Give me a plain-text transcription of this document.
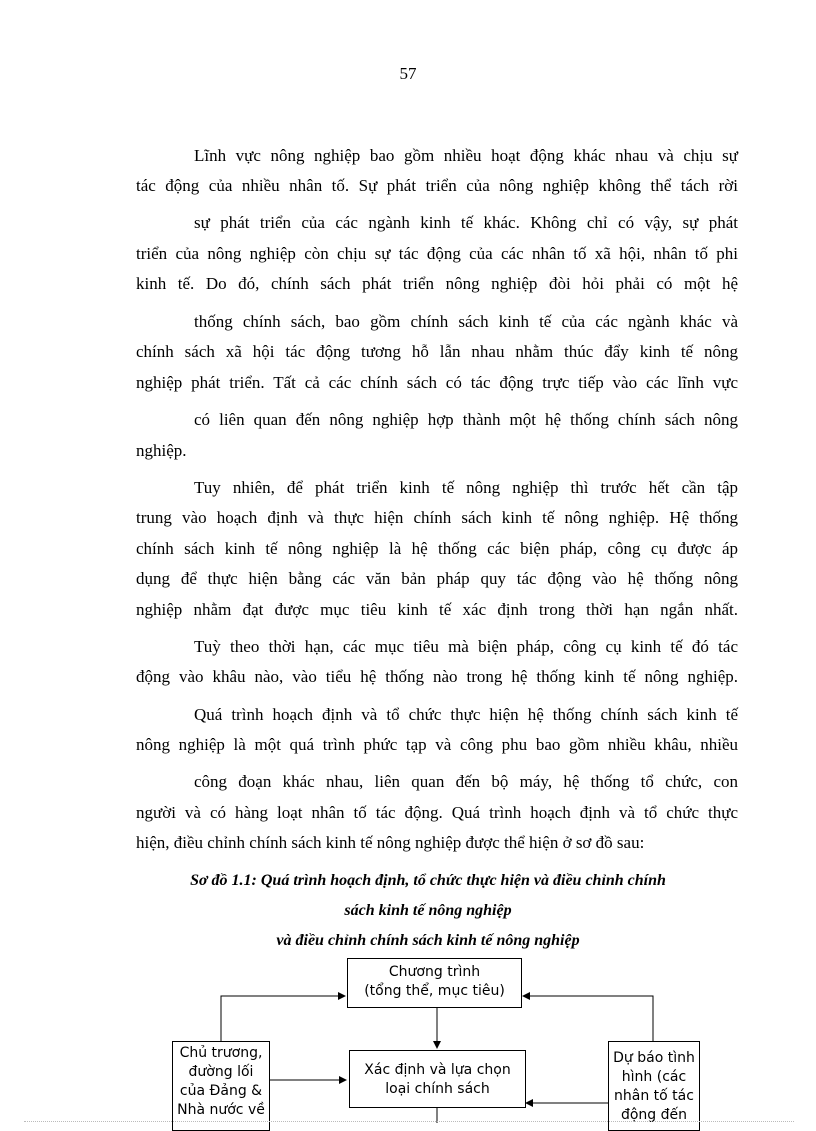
57
Lĩnh vực nông nghiệp bao gồm nhiều hoạt động khác nhau và chịu sự
tác động của nhiều nhân tố. Sự phát triển của nông nghiệp không thể tách rời
sự phát triển của các ngành kinh tế khác. Không chỉ có vậy, sự phát
triển của nông nghiệp còn chịu sự tác động của các nhân tố xã hội, nhân tố phi
kinh tế. Do đó, chính sách phát triển nông nghiệp đòi hỏi phải có một hệ
thống chính sách, bao gồm chính sách kinh tế của các ngành khác và
chính sách xã hội tác động tương hỗ lẫn nhau nhằm thúc đẩy kinh tế nông
nghiệp phát triển. Tất cả các chính sách có tác động trực tiếp vào các lĩnh vực
có liên quan đến nông nghiệp hợp thành một hệ thống chính sách nông
nghiệp.
Tuy nhiên, để phát triển kinh tế nông nghiệp thì trước hết cần tập
trung vào hoạch định và thực hiện chính sách kinh tế nông nghiệp. Hệ thống
chính sách kinh tế nông nghiệp là hệ thống các biện pháp, công cụ được áp
dụng để thực hiện bằng các văn bản pháp quy tác động vào hệ thống nông
nghiệp nhằm đạt được mục tiêu kinh tế xác định trong thời hạn ngắn nhất.
Tuỳ theo thời hạn, các mục tiêu mà biện pháp, công cụ kinh tế đó tác
động vào khâu nào, vào tiểu hệ thống nào trong hệ thống kinh tế nông nghiệp.
Quá trình hoạch định và tổ chức thực hiện hệ thống chính sách kinh tế
nông nghiệp là một quá trình phức tạp và công phu bao gồm nhiều khâu, nhiều
công đoạn khác nhau, liên quan đến bộ máy, hệ thống tổ chức, con
người và có hàng loạt nhân tố tác động. Quá trình hoạch định và tổ chức thực
hiện, điều chỉnh chính sách kinh tế nông nghiệp được thể hiện ở sơ đồ sau:
Sơ đồ 1.1: Quá trình hoạch định, tổ chức thực hiện và điều chỉnh chính
sách kinh tế nông nghiệp
và điều chỉnh chính sách kinh tế nông nghiệp
Chương trình
(tổng thể, mục tiêu)
Xác định và lựa chọn
loại chính sách
Chủ trương,
đường lối
của Đảng &
Nhà nước về
Dự báo tình
hình (các
nhân tố tác
động đến
